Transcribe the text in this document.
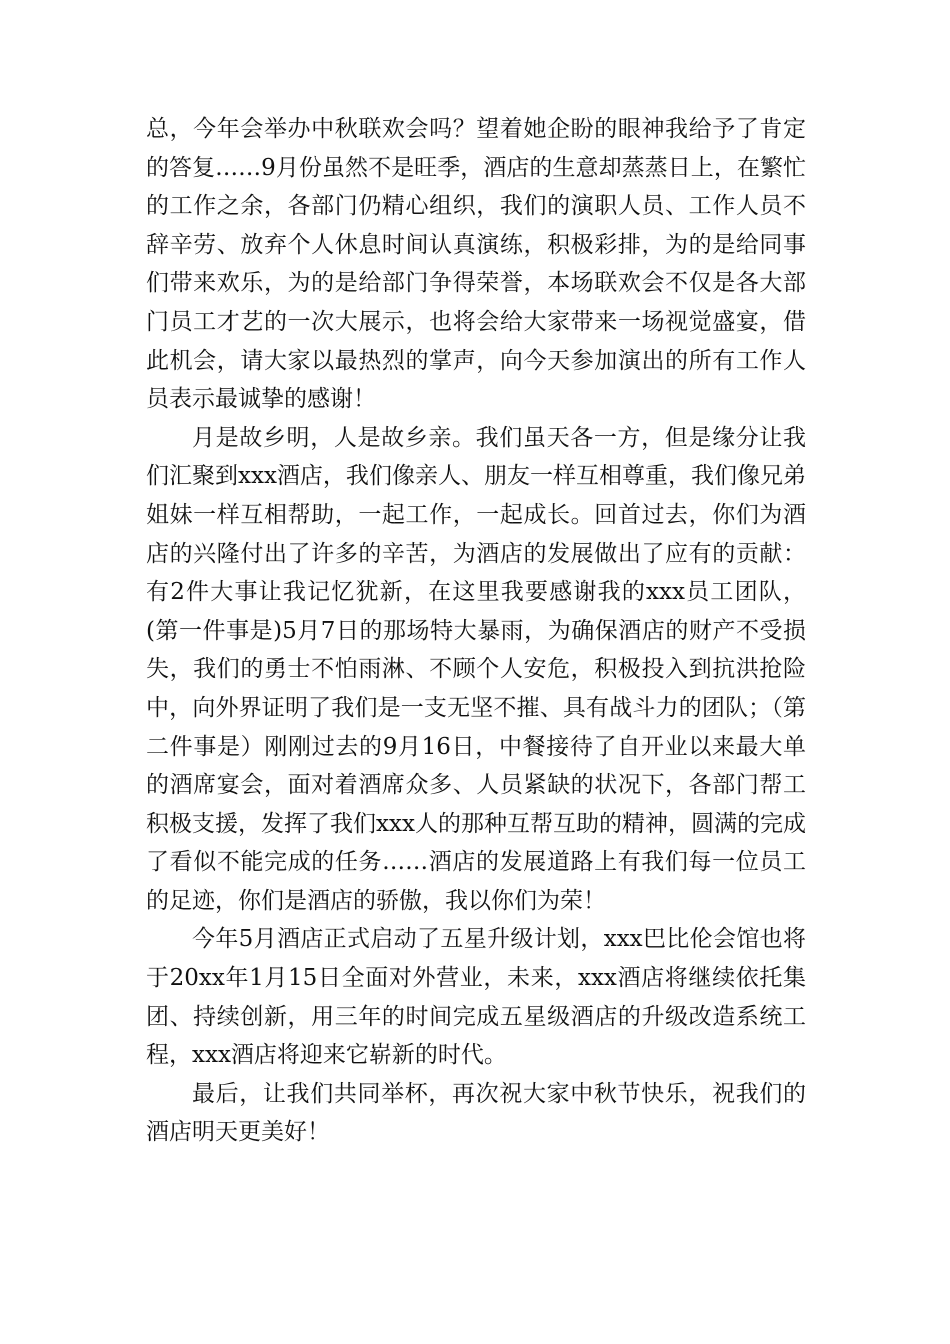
总，今年会举办中秋联欢会吗？望着她企盼的眼神我给予了肯定的答复……9月份虽然不是旺季，酒店的生意却蒸蒸日上，在繁忙的工作之余，各部门仍精心组织，我们的演职人员、工作人员不辞辛劳、放弃个人休息时间认真演练，积极彩排，为的是给同事们带来欢乐，为的是给部门争得荣誉，本场联欢会不仅是各大部门员工才艺的一次大展示，也将会给大家带来一场视觉盛宴，借此机会，请大家以最热烈的掌声，向今天参加演出的所有工作人员表示最诚挚的感谢！

月是故乡明，人是故乡亲。我们虽天各一方，但是缘分让我们汇聚到xxx酒店，我们像亲人、朋友一样互相尊重，我们像兄弟姐妹一样互相帮助，一起工作，一起成长。回首过去，你们为酒店的兴隆付出了许多的辛苦，为酒店的发展做出了应有的贡献：有2件大事让我记忆犹新，在这里我要感谢我的xxx员工团队，(第一件事是)5月7日的那场特大暴雨，为确保酒店的财产不受损失，我们的勇士不怕雨淋、不顾个人安危，积极投入到抗洪抢险中，向外界证明了我们是一支无坚不摧、具有战斗力的团队；（第二件事是）刚刚过去的9月16日，中餐接待了自开业以来最大单的酒席宴会，面对着酒席众多、人员紧缺的状况下，各部门帮工积极支援，发挥了我们xxx人的那种互帮互助的精神，圆满的完成了看似不能完成的任务……酒店的发展道路上有我们每一位员工的足迹，你们是酒店的骄傲，我以你们为荣！

今年5月酒店正式启动了五星升级计划，xxx巴比伦会馆也将于20xx年1月15日全面对外营业，未来，xxx酒店将继续依托集团、持续创新，用三年的时间完成五星级酒店的升级改造系统工程，xxx酒店将迎来它崭新的时代。

最后，让我们共同举杯，再次祝大家中秋节快乐，祝我们的酒店明天更美好！
